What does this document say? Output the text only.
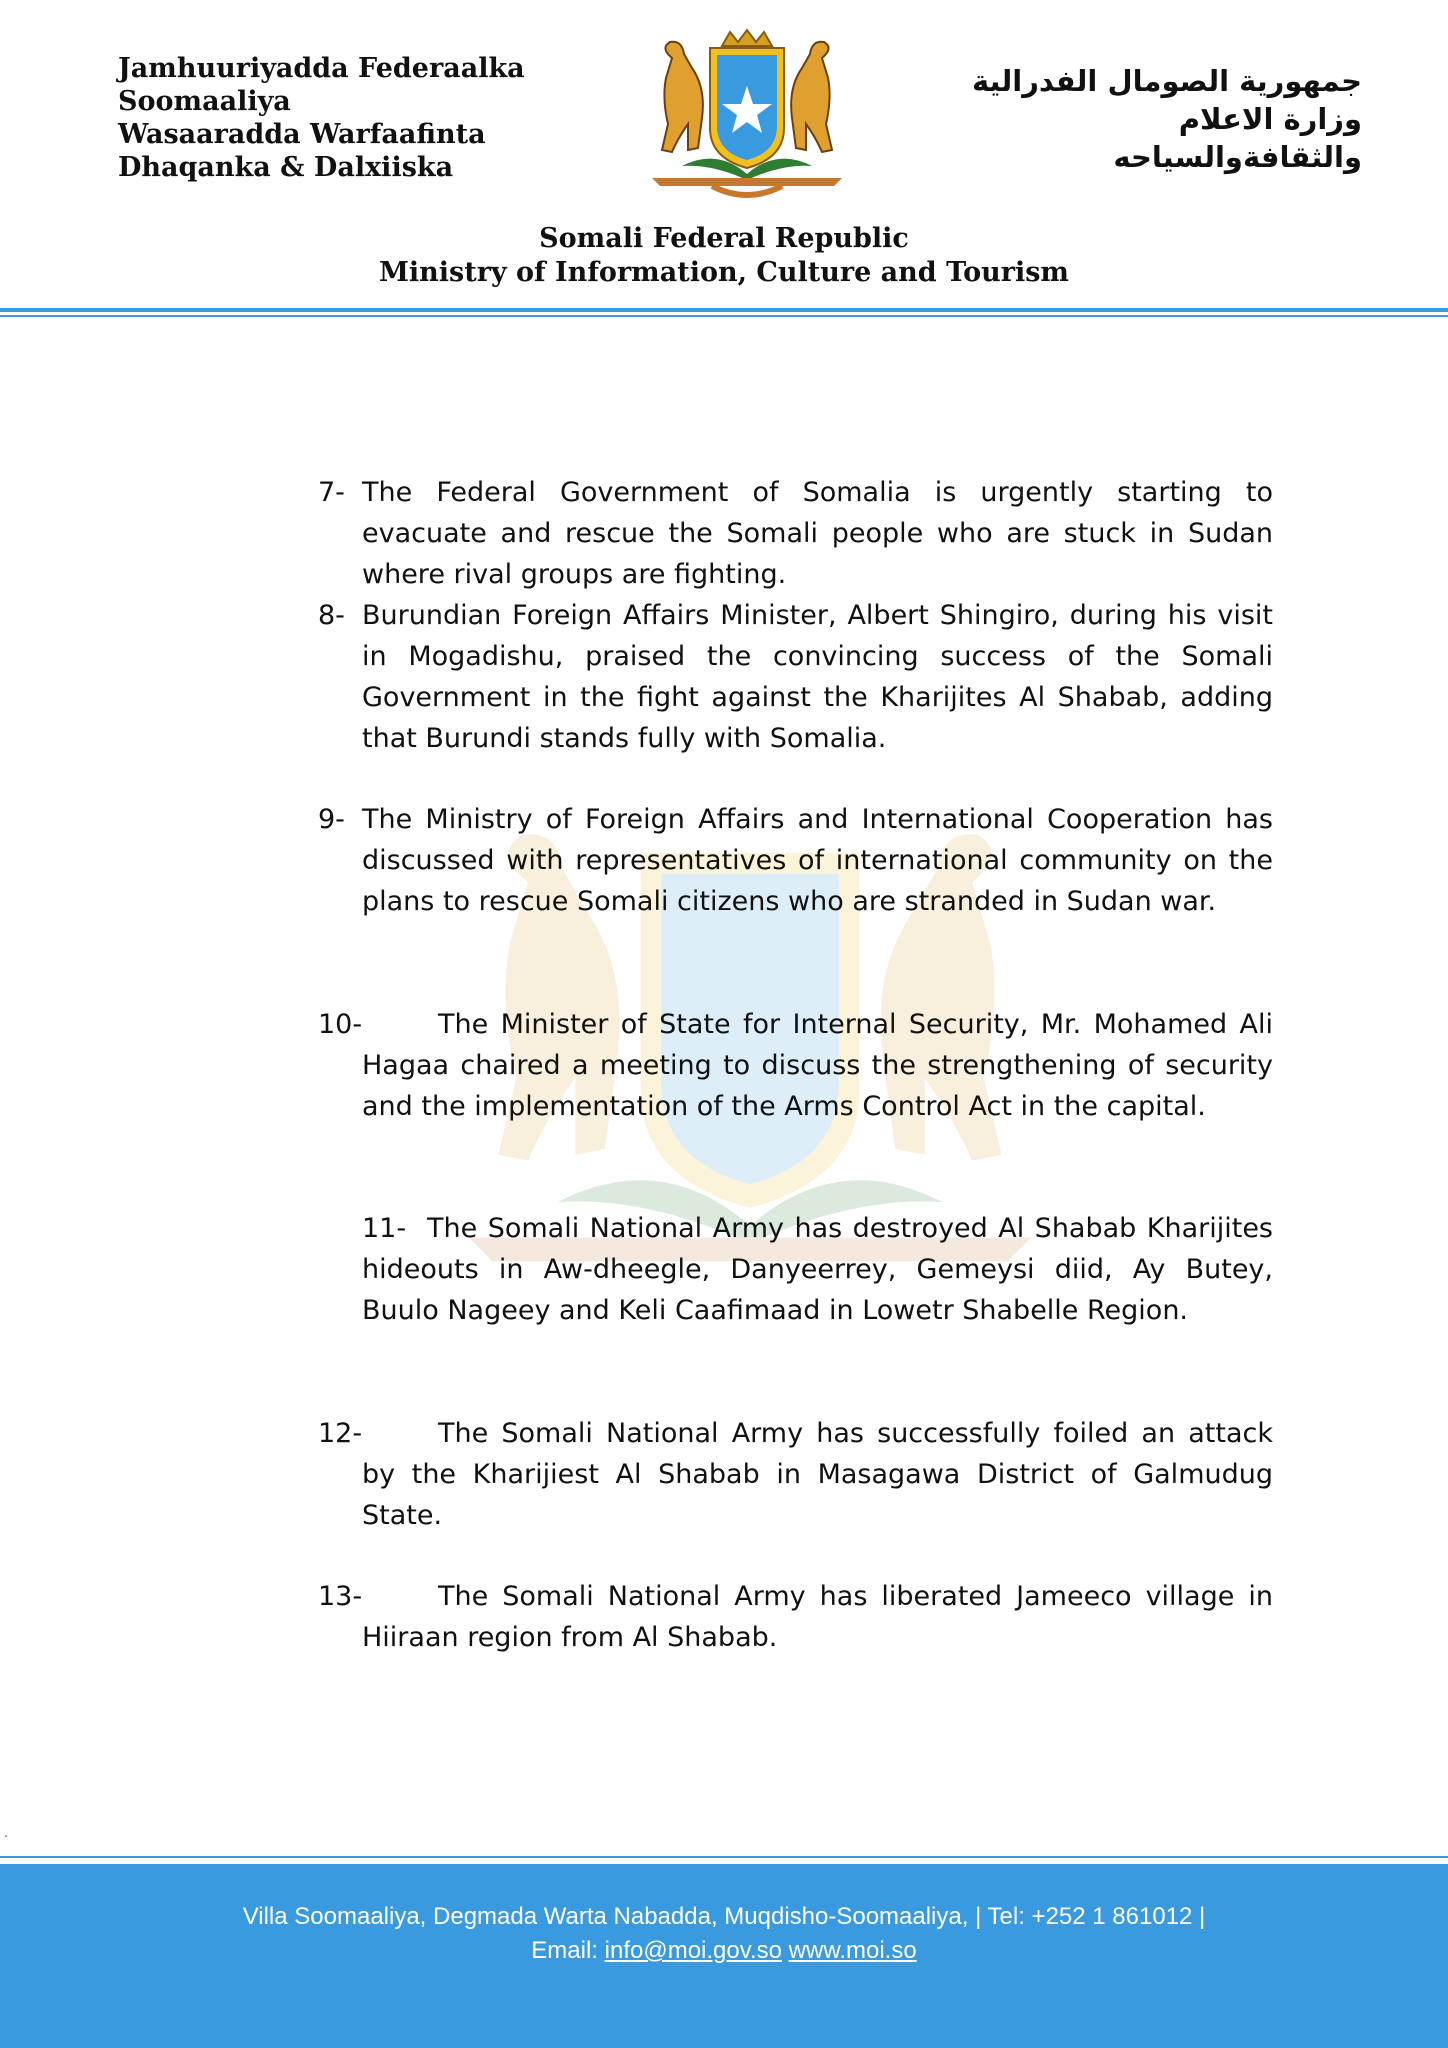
Jamhuuriyadda Federaalka
Soomaaliya
Wasaaradda Warfaafinta
Dhaqanka & Dalxiiska
جمهورية الصومال الفدرالية
وزارة الاعلام
والثقافةوالسياحه
Somali Federal Republic
Ministry of Information, Culture and Tourism
7- The Federal Government of Somalia is urgently starting to evacuate and rescue the Somali people who are stuck in Sudan where rival groups are fighting.
8- Burundian Foreign Affairs Minister, Albert Shingiro, during his visit in Mogadishu, praised the convincing success of the Somali Government in the fight against the Kharijites Al Shabab, adding that Burundi stands fully with Somalia.
9- The Ministry of Foreign Affairs and International Cooperation has discussed with representatives of international community on the plans to rescue Somali citizens who are stranded in Sudan war.
10-	The Minister of State for Internal Security, Mr. Mohamed Ali Hagaa chaired a meeting to discuss the strengthening of security and the implementation of the Arms Control Act in the capital.
11- The Somali National Army has destroyed Al Shabab Kharijites hideouts in Aw-dheegle, Danyeerrey, Gemeysi diid, Ay Butey, Buulo Nageey and Keli Caafimaad in Lowetr Shabelle Region.
12-	The Somali National Army has successfully foiled an attack by the Kharijiest Al Shabab in Masagawa District of Galmudug State.
13-	The Somali National Army has liberated Jameeco village in Hiiraan region from Al Shabab.
.
Villa Soomaaliya, Degmada Warta Nabadda, Muqdisho-Soomaaliya, | Tel: +252 1 861012 |
Email: info@moi.gov.so www.moi.so
